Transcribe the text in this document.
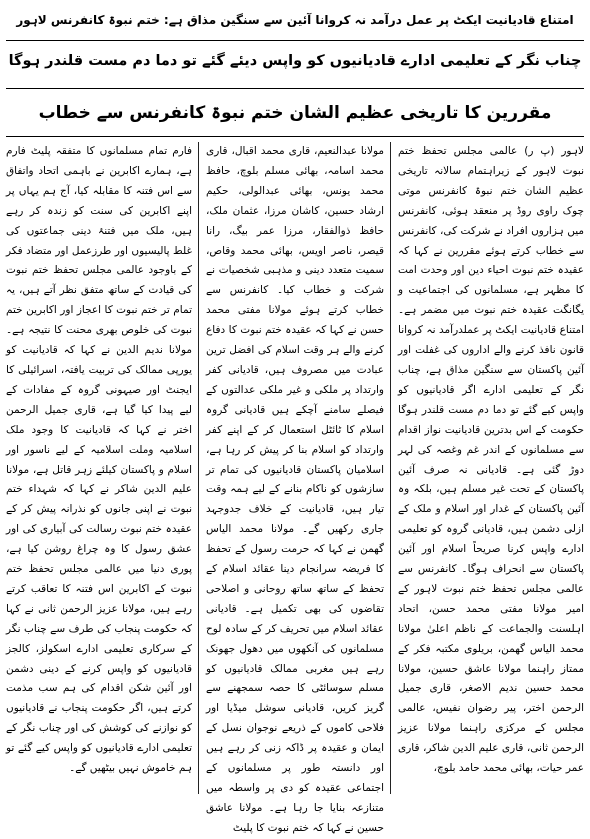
امتناع قادیانیت ایکٹ پر عمل درآمد نہ کروانا آئین سے سنگین مذاق ہے: ختم نبوۃ کانفرنس لاہور
چناب نگر کے تعلیمی ادارے قادیانیوں کو واپس دیئے گئے تو دما دم مست قلندر ہوگا
مقررین کا تاریخی عظیم الشان ختم نبوۃ کانفرنس سے خطاب

لاہور (پ ر) عالمی مجلس تحفظ ختم نبوت لاہور کے زیراہتمام سالانہ تاریخی عظیم الشان ختم نبوۃ کانفرنس موتی چوک راوی روڈ پر منعقد ہوئی، کانفرنس میں ہزاروں افراد نے شرکت کی، کانفرنس سے خطاب کرتے ہوئے مقررین نے کہا کہ عقیدہ ختم نبوت احیاء دین اور وحدت امت کا مظہر ہے، مسلمانوں کی اجتماعیت و یگانگت عقیدہ ختم نبوت میں مضمر ہے۔ امتناع قادیانیت ایکٹ پر عملدرآمد نہ کروانا قانون نافذ کرنے والے اداروں کی غفلت اور آئین پاکستان سے سنگین مذاق ہے، چناب نگر کے تعلیمی ادارے اگر قادیانیوں کو واپس کیے گئے تو دما دم مست قلندر ہوگا حکومت کے اس بدترین قادیانیت نواز اقدام سے مسلمانوں کے اندر غم وغصہ کی لہر دوڑ گئی ہے۔ قادیانی نہ صرف آئین پاکستان کے تحت غیر مسلم ہیں، بلکہ وہ آئین پاکستان کے غدار اور اسلام و ملک کے ازلی دشمن ہیں، قادیانی گروہ کو تعلیمی ادارے واپس کرنا صریحاً اسلام اور آئین پاکستان سے انحراف ہوگا۔ کانفرنس سے عالمی مجلس تحفظ ختم نبوت لاہور کے امیر مولانا مفتی محمد حسن، اتحاد اہلسنت والجماعت کے ناظم اعلیٰ مولانا محمد الیاس گھمن، بریلوی مکتبہ فکر کے ممتاز راہنما مولانا عاشق حسین، مولانا محمد حسین ندیم الاصغر، قاری جمیل الرحمن اختر، پیر رضوان نفیس، عالمی مجلس کے مرکزی راہنما مولانا عزیز الرحمن ثانی، قاری علیم الدین شاکر، قاری عمر حیات، بھائی محمد حامد بلوچ،

مولانا عبدالنعیم، قاری محمد اقبال، قاری محمد اسامہ، بھائی مسلم بلوچ، حافظ محمد یونس، بھائی عبدالولی، حکیم ارشاد حسین، کاشان مرزا، عثمان ملک، حافظ ذوالفقار، مرزا عمر بیگ، رانا قیصر، ناصر اویس، بھائی محمد وقاص، سمیت متعدد دینی و مذہبی شخصیات نے شرکت و خطاب کیا۔ کانفرنس سے خطاب کرتے ہوئے مولانا مفتی محمد حسن نے کہا کہ عقیدہ ختم نبوت کا دفاع کرنے والے ہر وقت اسلام کی افضل ترین عبادت میں مصروف ہیں، قادیانی کفر وارتداد پر ملکی و غیر ملکی عدالتوں کے فیصلے سامنے آچکے ہیں قادیانی گروہ اسلام کا ٹائٹل استعمال کر کے اپنے کفر وارتداد کو اسلام بنا کر پیش کر رہا ہے، اسلامیان پاکستان قادیانیوں کی تمام تر سازشوں کو ناکام بنانے کے لیے ہمہ وقت تیار ہیں، قادیانیت کے خلاف جدوجہد جاری رکھیں گے۔ مولانا محمد الیاس گھمن نے کہا کہ حرمت رسول کے تحفظ کا فریضہ سرانجام دینا عقائد اسلام کے تحفظ کے ساتھ ساتھ روحانی و اصلاحی تقاضوں کی بھی تکمیل ہے۔ قادیانی عقائد اسلام میں تحریف کر کے سادہ لوح مسلمانوں کی آنکھوں میں دھول جھونک رہے ہیں مغربی ممالک قادیانیوں کو مسلم سوسائٹی کا حصہ سمجھنے سے گریز کریں، قادیانی سوشل میڈیا اور فلاحی کاموں کے ذریعے نوجوان نسل کے ایمان و عقیدہ پر ڈاکہ زنی کر رہے ہیں اور دانستہ طور پر مسلمانوں کے اجتماعی عقیدہ کو دی پر واسطہ میں متنازعہ بنایا جا رہا ہے۔ مولانا عاشق حسین نے کہا کہ ختم نبوت کا پلیٹ

فارم تمام مسلمانوں کا متفقہ پلیٹ فارم ہے، ہمارے اکابرین نے باہمی اتحاد واتفاق سے اس فتنہ کا مقابلہ کیا، آج ہم یہاں پر اپنے اکابرین کی سنت کو زندہ کر رہے ہیں، ملک میں فتنۂ دینی جماعتوں کی غلط پالیسیوں اور طرزعمل اور متضاد فکر کے باوجود عالمی مجلس تحفظ ختم نبوت کی قیادت کے ساتھ متفق نظر آتے ہیں، یہ تمام تر ختم نبوت کا اعجاز اور اکابرین ختم نبوت کی خلوص بھری محنت کا نتیجہ ہے۔ مولانا ندیم الدین نے کہا کہ قادیانیت کو یورپی ممالک کی تربیت یافتہ، اسرائیلی کا ایجنٹ اور صیہونی گروہ کے مفادات کے لیے پیدا کیا گیا ہے، قاری جمیل الرحمن اختر نے کہا کہ قادیانیت کا وجود ملک اسلامیہ وملت اسلامیہ کے لیے ناسور اور اسلام و پاکستان کیلئے زہر قاتل ہے، مولانا علیم الدین شاکر نے کہا کہ شہداء ختم نبوت نے اپنی جانوں کو نذرانہ پیش کر کے عقیدہ ختم نبوت رسالت کی آبیاری کی اور عشق رسول کا وہ چراغ روشن کیا ہے، پوری دنیا میں عالمی مجلس تحفظ ختم نبوت کے اکابرین اس فتنہ کا تعاقب کرتے رہے ہیں، مولانا عزیز الرحمن ثانی نے کہا کہ حکومت پنجاب کی طرف سے چناب نگر کے سرکاری تعلیمی ادارے اسکولز، کالجز قادیانیوں کو واپس کرنے کے دینی دشمن اور آئین شکن اقدام کی ہم سب مذمت کرتے ہیں، اگر حکومت پنجاب نے قادیانیوں کو نوازنے کی کوشش کی اور چناب نگر کے تعلیمی ادارے قادیانیوں کو واپس کیے گئے تو ہم خاموش نہیں بیٹھیں گے۔
